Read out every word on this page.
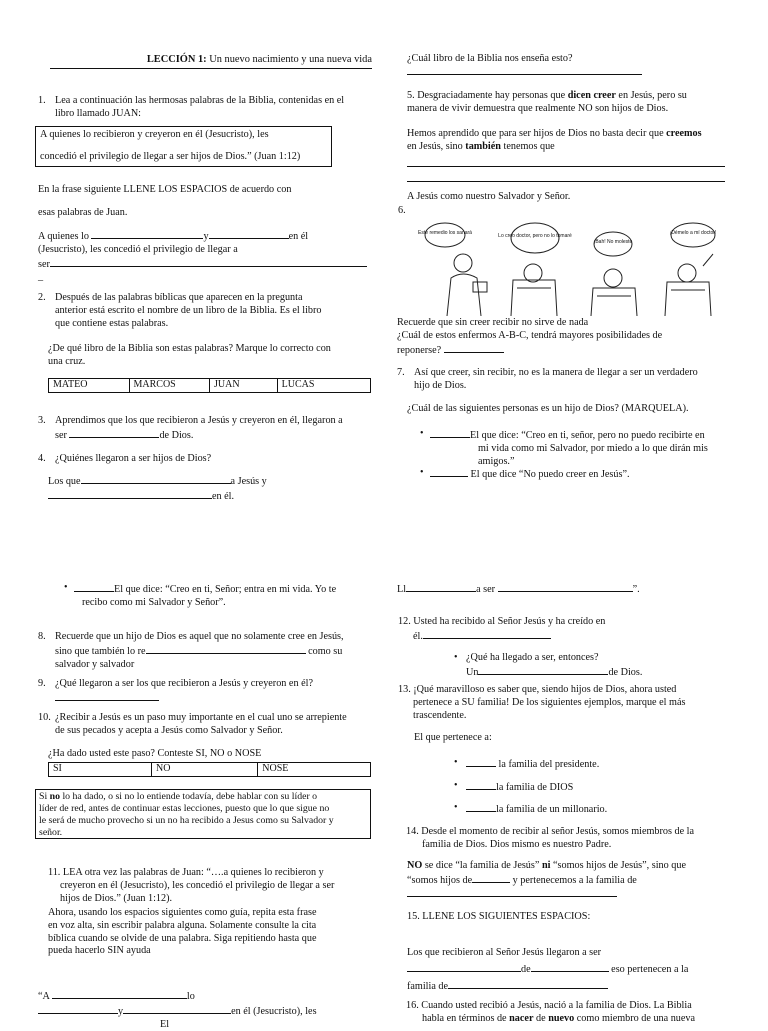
LECCIÓN 1: Un nuevo nacimiento y una nueva vida

1. Lea a continuación las hermosas palabras de la Biblia, contenidas en el

libro llamado JUAN:

A quienes lo recibieron y creyeron en él (Jesucristo), les

concedió el privilegio de llegar a ser hijos de Dios.” (Juan 1:12)

En la frase siguiente LLENE LOS ESPACIOS de acuerdo con

esas palabras de Juan.

A quienes lo	y	en él

(Jesucristo), les concedió el privilegio de llegar a

ser

_

2. Después de las palabras bíblicas que aparecen en la pregunta

anterior está escrito el nombre de un libro de la Biblia. Es el libro

que contiene estas palabras.

¿De qué libro de la Biblia son estas palabras? Marque lo correcto con

una cruz.

MATEO	MARCOS	JUAN	LUCAS

3. Aprendimos que los que recibieron a Jesús y creyeron en él, llegaron a

ser	de Dios.

4. ¿Quiénes llegaron a ser hijos de Dios?

Los que	a Jesús y

en él.

¿Cuál libro de la Biblia nos enseña esto?

5. Desgraciadamente hay personas que dicen creer en Jesús, pero su

manera de vivir demuestra que realmente NO son hijos de Dios.

Hemos aprendido que para ser hijos de Dios no basta decir que creemos

en Jesús, sino también tenemos que

A Jesús como nuestro Salvador y Señor.

6.

Este remedio los sanará	Lo creo doctor, pero no lo tomaré
¡Bah! No moleste
¡Démelo a mí doctor!

Recuerde que sin creer recibir no sirve de nada

¿Cuál de estos enfermos A-B-C, tendrá mayores posibilidades de

reponerse?

7. Así que creer, sin recibir, no es la manera de llegar a ser un verdadero

hijo de Dios.

¿Cuál de las siguientes personas es un hijo de Dios? (MARQUELA).

•	El que dice: “Creo en ti, señor, pero no puedo recibirte en

mi vida como mi Salvador, por miedo a lo que dirán mis

amigos.”

•	El que dice “No puedo creer en Jesús”.

•	El que dice: “Creo en ti, Señor; entra en mi vida. Yo te

recibo como mi Salvador y Señor”.

8. Recuerde que un hijo de Dios es aquel que no solamente cree en Jesús,

sino que también lo re	como su

salvador y salvador

9. ¿Qué llegaron a ser los que recibieron a Jesús y creyeron en él?

10. ¿Recibir a Jesús es un paso muy importante en el cual uno se arrepiente

de sus pecados y acepta a Jesús como Salvador y Señor.

¿Ha dado usted este paso? Conteste SI, NO o NOSE

SI	NO	NOSE

Si no lo ha dado, o si no lo entiende todavía, debe hablar con su líder o

líder de red, antes de continuar estas lecciones, puesto que lo que sigue no

le será de mucho provecho si un no ha recibido a Jesus como su Salvador y

señor.

11. LEA otra vez las palabras de Juan: “….a quienes lo recibieron y

creyeron en él (Jesucristo), les concedió el privilegio de llegar a ser

hijos de Dios.” (Juan 1:12).

Ahora, usando los espacios siguientes como guía, repita esta frase

en voz alta, sin escribir palabra alguna. Solamente consulte la cita

bíblica cuando se olvide de una palabra. Siga repitiendo hasta que

pueda hacerlo SIN ayuda

“A	lo

y	en él (Jesucristo), les

El

Ll	a ser	”.

12. Usted ha recibido al Señor Jesús y ha creído en

él.

• ¿Qué ha llegado a ser, entonces?

Un	de Dios.

13. ¡Qué maravilloso es saber que, siendo hijos de Dios, ahora usted

pertenece a SU familia! De los siguientes ejemplos, marque el más

trascendente.

El que pertenece a:

•	la familia del presidente.

•	la familia de DIOS

•	la familia de un millonario.

14. Desde el momento de recibir al señor Jesús, somos miembros de la

familia de Dios. Dios mismo es nuestro Padre.

NO se dice “la familia de Jesús” ni “somos hijos de Jesús”, sino que

“somos hijos de	y pertenecemos a la familia de

15. LLENE LOS SIGUIENTES ESPACIOS:

Los que recibieron al Señor Jesús llegaron a ser

de	eso pertenecen a la

familia de

16. Cuando usted recibió a Jesús, nació a la familia de Dios. La Biblia

habla en términos de nacer de nuevo como miembro de una nueva
